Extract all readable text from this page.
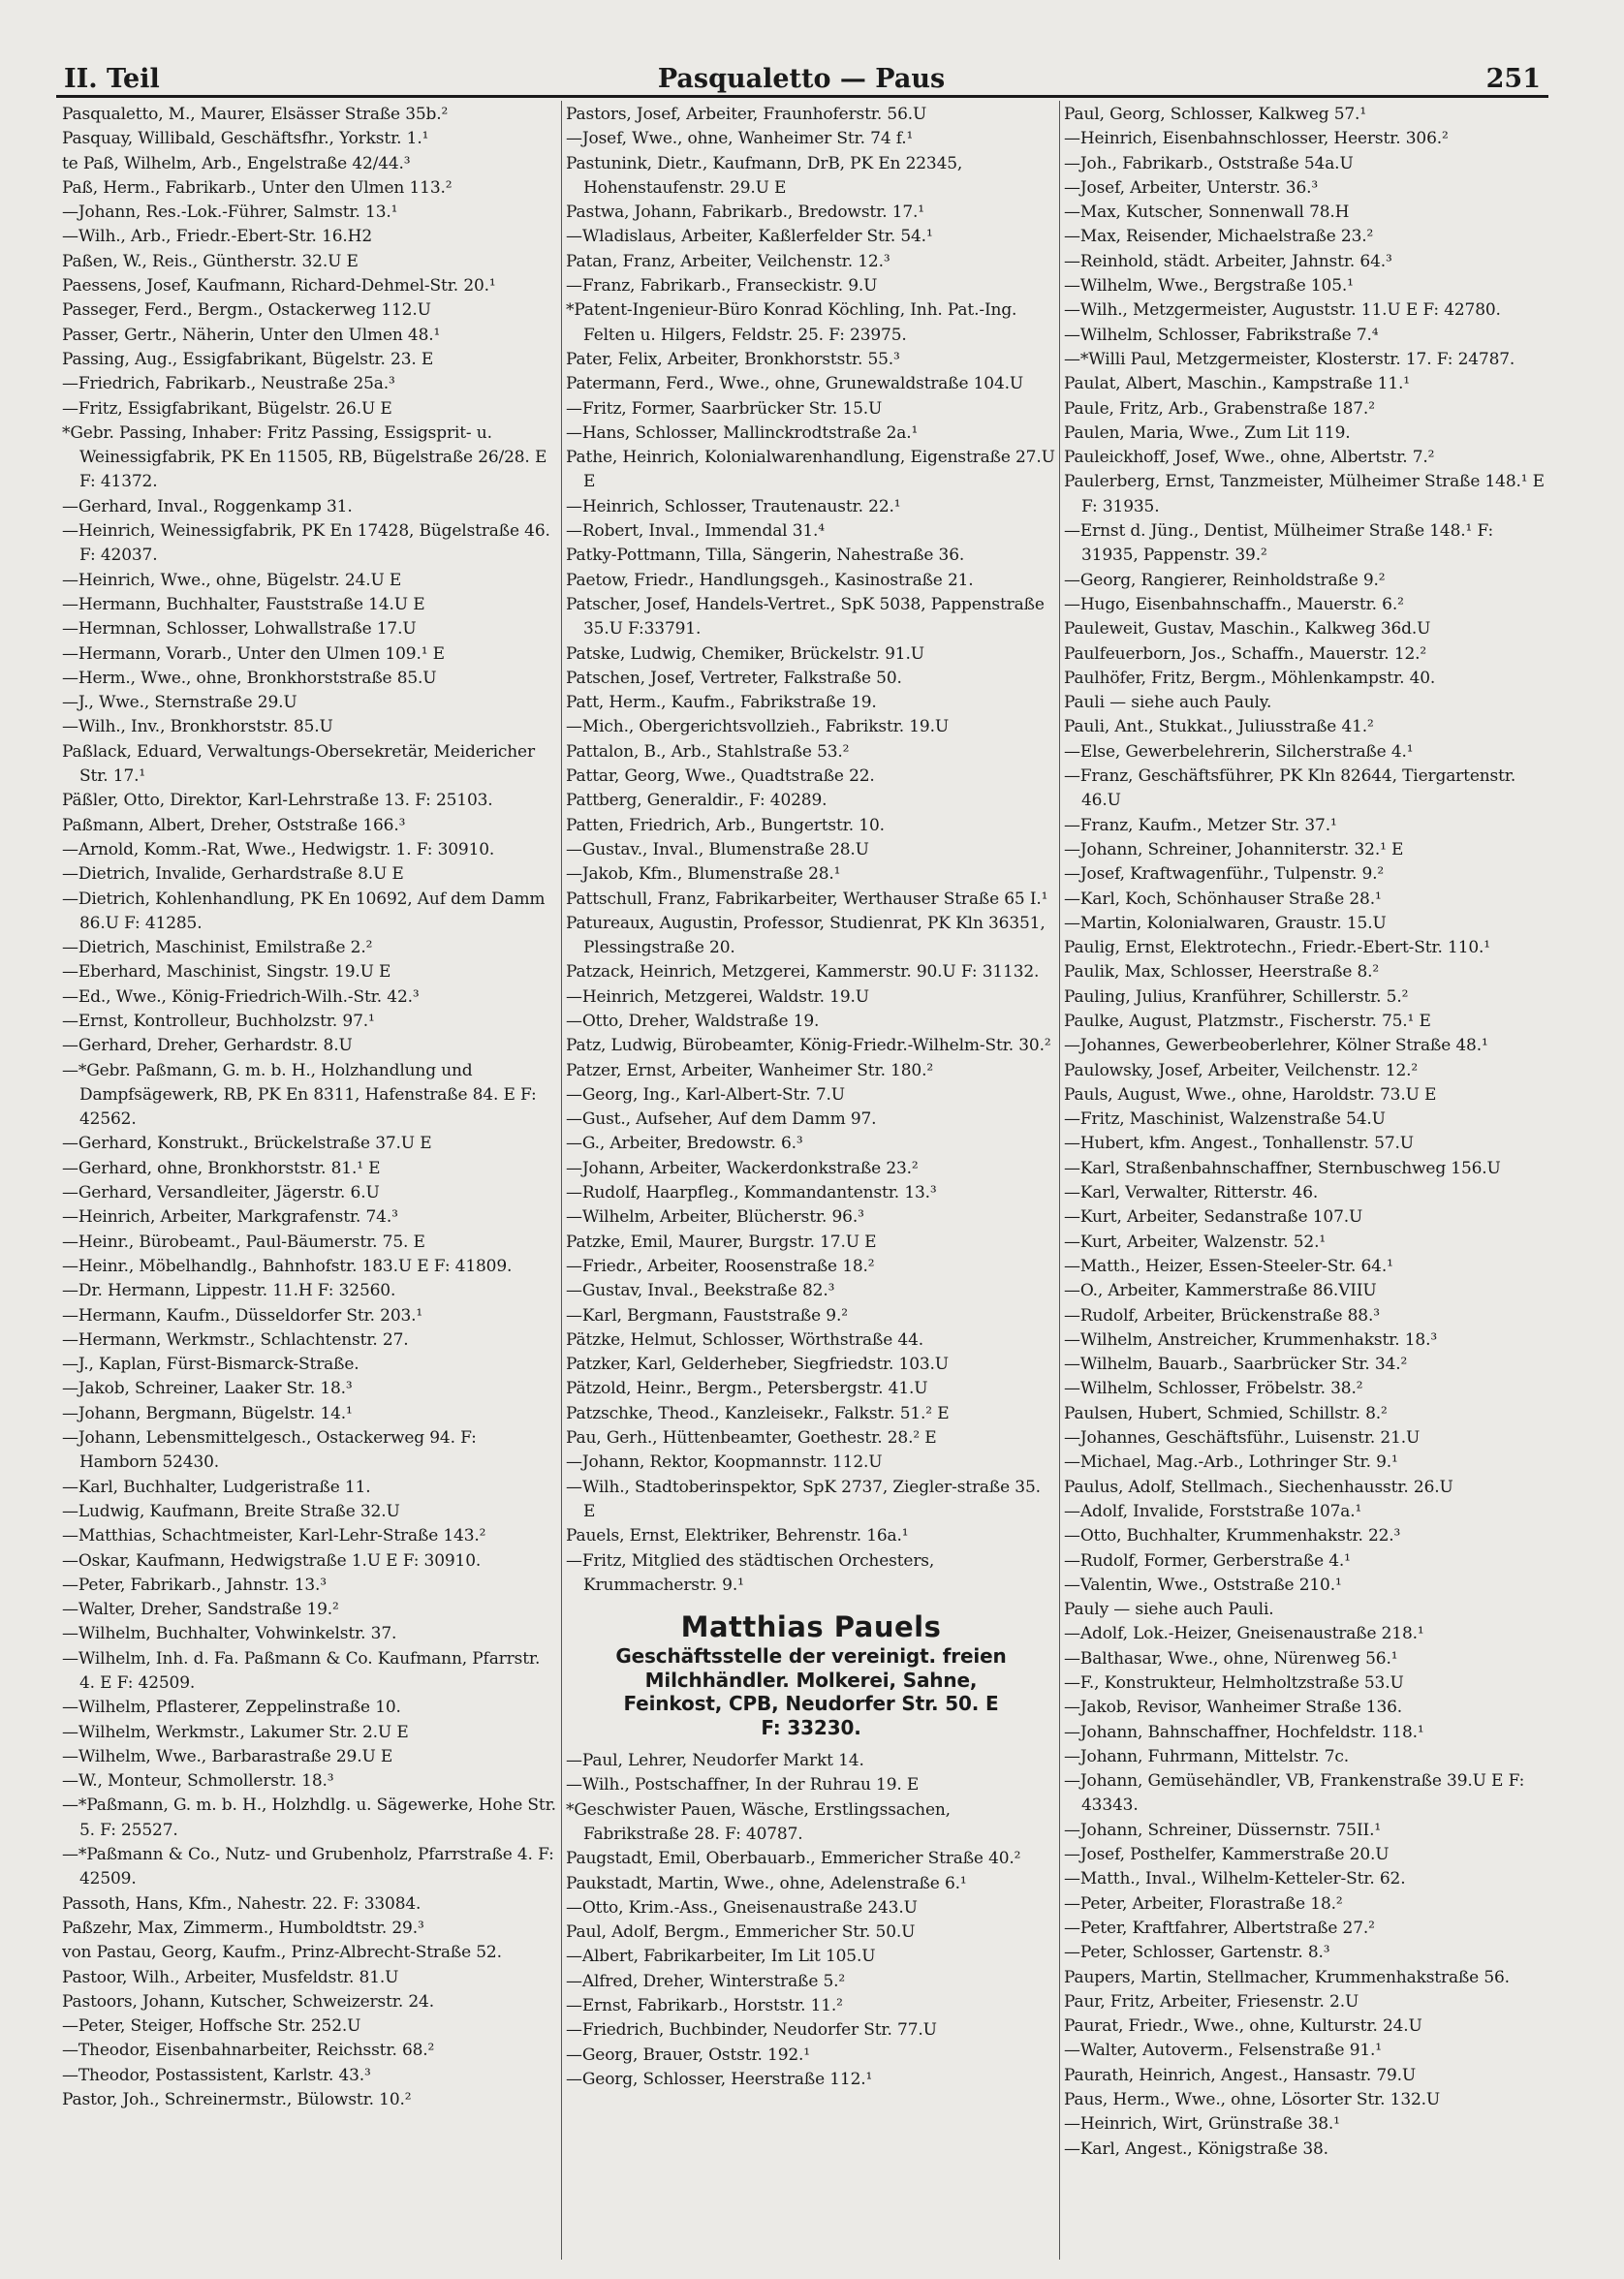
II. Teil	Pasqualetto — Paus	251

Pasqualetto, M., Maurer, Elsässer Straße 35b.²

Pasquay, Willibald, Geschäftsfhr., Yorkstr. 1.¹

te Paß, Wilhelm, Arb., Engelstraße 42/44.³

Paß, Herm., Fabrikarb., Unter den Ulmen 113.²

—Johann, Res.-Lok.-Führer, Salmstr. 13.¹

—Wilh., Arb., Friedr.-Ebert-Str. 16.H2

Paßen, W., Reis., Güntherstr. 32.U E

Paessens, Josef, Kaufmann, Richard-Dehmel-Str. 20.¹

Passeger, Ferd., Bergm., Ostackerweg 112.U

Passer, Gertr., Näherin, Unter den Ulmen 48.¹

Passing, Aug., Essigfabrikant, Bügelstr. 23. E

—Friedrich, Fabrikarb., Neustraße 25a.³

—Fritz, Essigfabrikant, Bügelstr. 26.U E

*Gebr. Passing, Inhaber: Fritz Passing, Essigsprit- u. Weinessigfabrik, PK En 11505, RB, Bügelstraße 26/28. E F: 41372.

—Gerhard, Inval., Roggenkamp 31.

—Heinrich, Weinessigfabrik, PK En 17428, Bügelstraße 46. F: 42037.

—Heinrich, Wwe., ohne, Bügelstr. 24.U E

—Hermann, Buchhalter, Fauststraße 14.U E

—Hermnan, Schlosser, Lohwallstraße 17.U

—Hermann, Vorarb., Unter den Ulmen 109.¹ E

—Herm., Wwe., ohne, Bronkhorststraße 85.U

—J., Wwe., Sternstraße 29.U

—Wilh., Inv., Bronkhorststr. 85.U

Paßlack, Eduard, Verwaltungs-Obersekretär, Meidericher Str. 17.¹

Päßler, Otto, Direktor, Karl-Lehrstraße 13. F: 25103.

Paßmann, Albert, Dreher, Oststraße 166.³

—Arnold, Komm.-Rat, Wwe., Hedwigstr. 1. F: 30910.

—Dietrich, Invalide, Gerhardstraße 8.U E

—Dietrich, Kohlenhandlung, PK En 10692, Auf dem Damm 86.U F: 41285.

—Dietrich, Maschinist, Emilstraße 2.²

—Eberhard, Maschinist, Singstr. 19.U E

—Ed., Wwe., König-Friedrich-Wilh.-Str. 42.³

—Ernst, Kontrolleur, Buchholzstr. 97.¹

—Gerhard, Dreher, Gerhardstr. 8.U

—*Gebr. Paßmann, G. m. b. H., Holzhandlung und Dampfsägewerk, RB, PK En 8311, Hafenstraße 84. E F: 42562.

—Gerhard, Konstrukt., Brückelstraße 37.U E

—Gerhard, ohne, Bronkhorststr. 81.¹ E

—Gerhard, Versandleiter, Jägerstr. 6.U

—Heinrich, Arbeiter, Markgrafenstr. 74.³

—Heinr., Bürobeamt., Paul-Bäumerstr. 75. E

—Heinr., Möbelhandlg., Bahnhofstr. 183.U E F: 41809.

—Dr. Hermann, Lippestr. 11.H F: 32560.

—Hermann, Kaufm., Düsseldorfer Str. 203.¹

—Hermann, Werkmstr., Schlachtenstr. 27.

—J., Kaplan, Fürst-Bismarck-Straße.

—Jakob, Schreiner, Laaker Str. 18.³

—Johann, Bergmann, Bügelstr. 14.¹

—Johann, Lebensmittelgesch., Ostackerweg 94. F: Hamborn 52430.

—Karl, Buchhalter, Ludgeristraße 11.

—Ludwig, Kaufmann, Breite Straße 32.U

—Matthias, Schachtmeister, Karl-Lehr-Straße 143.²

—Oskar, Kaufmann, Hedwigstraße 1.U E F: 30910.

—Peter, Fabrikarb., Jahnstr. 13.³

—Walter, Dreher, Sandstraße 19.²

—Wilhelm, Buchhalter, Vohwinkelstr. 37.

—Wilhelm, Inh. d. Fa. Paßmann & Co. Kaufmann, Pfarrstr. 4. E F: 42509.

—Wilhelm, Pflasterer, Zeppelinstraße 10.

—Wilhelm, Werkmstr., Lakumer Str. 2.U E

—Wilhelm, Wwe., Barbarastraße 29.U E

—W., Monteur, Schmollerstr. 18.³

—*Paßmann, G. m. b. H., Holzhdlg. u. Sägewerke, Hohe Str. 5. F: 25527.

—*Paßmann & Co., Nutz- und Grubenholz, Pfarrstraße 4. F: 42509.

Passoth, Hans, Kfm., Nahestr. 22. F: 33084.

Paßzehr, Max, Zimmerm., Humboldtstr. 29.³

von Pastau, Georg, Kaufm., Prinz-Albrecht-Straße 52.

Pastoor, Wilh., Arbeiter, Musfeldstr. 81.U

Pastoors, Johann, Kutscher, Schweizerstr. 24.

—Peter, Steiger, Hoffsche Str. 252.U

—Theodor, Eisenbahnarbeiter, Reichsstr. 68.²

—Theodor, Postassistent, Karlstr. 43.³

Pastor, Joh., Schreinermstr., Bülowstr. 10.²

Pastors, Josef, Arbeiter, Fraunhoferstr. 56.U

—Josef, Wwe., ohne, Wanheimer Str. 74 f.¹

Pastunink, Dietr., Kaufmann, DrB, PK En 22345, Hohenstaufenstr. 29.U E

Pastwa, Johann, Fabrikarb., Bredowstr. 17.¹

—Wladislaus, Arbeiter, Kaßlerfelder Str. 54.¹

Patan, Franz, Arbeiter, Veilchenstr. 12.³

—Franz, Fabrikarb., Franseckistr. 9.U

*Patent-Ingenieur-Büro Konrad Köchling, Inh. Pat.-Ing. Felten u. Hilgers, Feldstr. 25. F: 23975.

Pater, Felix, Arbeiter, Bronkhorststr. 55.³

Patermann, Ferd., Wwe., ohne, Grunewaldstraße 104.U

—Fritz, Former, Saarbrücker Str. 15.U

—Hans, Schlosser, Mallinckrodtstraße 2a.¹

Pathe, Heinrich, Kolonialwarenhandlung, Eigenstraße 27.U E

—Heinrich, Schlosser, Trautenaustr. 22.¹

—Robert, Inval., Immendal 31.⁴

Patky-Pottmann, Tilla, Sängerin, Nahestraße 36.

Paetow, Friedr., Handlungsgeh., Kasinostraße 21.

Patscher, Josef, Handels-Vertret., SpK 5038, Pappenstraße 35.U F:33791.

Patske, Ludwig, Chemiker, Brückelstr. 91.U

Patschen, Josef, Vertreter, Falkstraße 50.

Patt, Herm., Kaufm., Fabrikstraße 19.

—Mich., Obergerichtsvollzieh., Fabrikstr. 19.U

Pattalon, B., Arb., Stahlstraße 53.²

Pattar, Georg, Wwe., Quadtstraße 22.

Pattberg, Generaldir., F: 40289.

Patten, Friedrich, Arb., Bungertstr. 10.

—Gustav., Inval., Blumenstraße 28.U

—Jakob, Kfm., Blumenstraße 28.¹

Pattschull, Franz, Fabrikarbeiter, Werthauser Straße 65 I.¹

Patureaux, Augustin, Professor, Studienrat, PK Kln 36351, Plessingstraße 20.

Patzack, Heinrich, Metzgerei, Kammerstr. 90.U F: 31132.

—Heinrich, Metzgerei, Waldstr. 19.U

—Otto, Dreher, Waldstraße 19.

Patz, Ludwig, Bürobeamter, König-Friedr.-Wilhelm-Str. 30.²

Patzer, Ernst, Arbeiter, Wanheimer Str. 180.²

—Georg, Ing., Karl-Albert-Str. 7.U

—Gust., Aufseher, Auf dem Damm 97.

—G., Arbeiter, Bredowstr. 6.³

—Johann, Arbeiter, Wackerdonkstraße 23.²

—Rudolf, Haarpfleg., Kommandantenstr. 13.³

—Wilhelm, Arbeiter, Blücherstr. 96.³

Patzke, Emil, Maurer, Burgstr. 17.U E

—Friedr., Arbeiter, Roosenstraße 18.²

—Gustav, Inval., Beekstraße 82.³

—Karl, Bergmann, Fauststraße 9.²

Pätzke, Helmut, Schlosser, Wörthstraße 44.

Patzker, Karl, Gelderheber, Siegfriedstr. 103.U

Pätzold, Heinr., Bergm., Petersbergstr. 41.U

Patzschke, Theod., Kanzleisekr., Falkstr. 51.² E

Pau, Gerh., Hüttenbeamter, Goethestr. 28.² E

—Johann, Rektor, Koopmannstr. 112.U

—Wilh., Stadtoberinspektor, SpK 2737, Ziegler-straße 35. E

Pauels, Ernst, Elektriker, Behrenstr. 16a.¹

—Fritz, Mitglied des städtischen Orchesters, Krummacherstr. 9.¹

Matthias Pauels
Geschäftsstelle der vereinigt. freien
Milchhändler. Molkerei, Sahne,
Feinkost, CPB, Neudorfer Str. 50. E
F: 33230.

—Paul, Lehrer, Neudorfer Markt 14.

—Wilh., Postschaffner, In der Ruhrau 19. E

*Geschwister Pauen, Wäsche, Erstlingssachen, Fabrikstraße 28. F: 40787.

Paugstadt, Emil, Oberbauarb., Emmericher Straße 40.²

Paukstadt, Martin, Wwe., ohne, Adelenstraße 6.¹

—Otto, Krim.-Ass., Gneisenaustraße 243.U

Paul, Adolf, Bergm., Emmericher Str. 50.U

—Albert, Fabrikarbeiter, Im Lit 105.U

—Alfred, Dreher, Winterstraße 5.²

—Ernst, Fabrikarb., Horststr. 11.²

—Friedrich, Buchbinder, Neudorfer Str. 77.U

—Georg, Brauer, Oststr. 192.¹

—Georg, Schlosser, Heerstraße 112.¹

Paul, Georg, Schlosser, Kalkweg 57.¹

—Heinrich, Eisenbahnschlosser, Heerstr. 306.²

—Joh., Fabrikarb., Oststraße 54a.U

—Josef, Arbeiter, Unterstr. 36.³

—Max, Kutscher, Sonnenwall 78.H

—Max, Reisender, Michaelstraße 23.²

—Reinhold, städt. Arbeiter, Jahnstr. 64.³

—Wilhelm, Wwe., Bergstraße 105.¹

—Wilh., Metzgermeister, Auguststr. 11.U E F: 42780.

—Wilhelm, Schlosser, Fabrikstraße 7.⁴

—*Willi Paul, Metzgermeister, Klosterstr. 17. F: 24787.

Paulat, Albert, Maschin., Kampstraße 11.¹

Paule, Fritz, Arb., Grabenstraße 187.²

Paulen, Maria, Wwe., Zum Lit 119.

Pauleickhoff, Josef, Wwe., ohne, Albertstr. 7.²

Paulerberg, Ernst, Tanzmeister, Mülheimer Straße 148.¹ E F: 31935.

—Ernst d. Jüng., Dentist, Mülheimer Straße 148.¹ F: 31935, Pappenstr. 39.²

—Georg, Rangierer, Reinholdstraße 9.²

—Hugo, Eisenbahnschaffn., Mauerstr. 6.²

Pauleweit, Gustav, Maschin., Kalkweg 36d.U

Paulfeuerborn, Jos., Schaffn., Mauerstr. 12.²

Paulhöfer, Fritz, Bergm., Möhlenkampstr. 40.

Pauli — siehe auch Pauly.

Pauli, Ant., Stukkat., Juliusstraße 41.²

—Else, Gewerbelehrerin, Silcherstraße 4.¹

—Franz, Geschäftsführer, PK Kln 82644, Tiergartenstr. 46.U

—Franz, Kaufm., Metzer Str. 37.¹

—Johann, Schreiner, Johanniterstr. 32.¹ E

—Josef, Kraftwagenführ., Tulpenstr. 9.²

—Karl, Koch, Schönhauser Straße 28.¹

—Martin, Kolonialwaren, Graustr. 15.U

Paulig, Ernst, Elektrotechn., Friedr.-Ebert-Str. 110.¹

Paulik, Max, Schlosser, Heerstraße 8.²

Pauling, Julius, Kranführer, Schillerstr. 5.²

Paulke, August, Platzmstr., Fischerstr. 75.¹ E

—Johannes, Gewerbeoberlehrer, Kölner Straße 48.¹

Paulowsky, Josef, Arbeiter, Veilchenstr. 12.²

Pauls, August, Wwe., ohne, Haroldstr. 73.U E

—Fritz, Maschinist, Walzenstraße 54.U

—Hubert, kfm. Angest., Tonhallenstr. 57.U

—Karl, Straßenbahnschaffner, Sternbuschweg 156.U

—Karl, Verwalter, Ritterstr. 46.

—Kurt, Arbeiter, Sedanstraße 107.U

—Kurt, Arbeiter, Walzenstr. 52.¹

—Matth., Heizer, Essen-Steeler-Str. 64.¹

—O., Arbeiter, Kammerstraße 86.VIIU

—Rudolf, Arbeiter, Brückenstraße 88.³

—Wilhelm, Anstreicher, Krummenhakstr. 18.³

—Wilhelm, Bauarb., Saarbrücker Str. 34.²

—Wilhelm, Schlosser, Fröbelstr. 38.²

Paulsen, Hubert, Schmied, Schillstr. 8.²

—Johannes, Geschäftsführ., Luisenstr. 21.U

—Michael, Mag.-Arb., Lothringer Str. 9.¹

Paulus, Adolf, Stellmach., Siechenhausstr. 26.U

—Adolf, Invalide, Forststraße 107a.¹

—Otto, Buchhalter, Krummenhakstr. 22.³

—Rudolf, Former, Gerberstraße 4.¹

—Valentin, Wwe., Oststraße 210.¹

Pauly — siehe auch Pauli.

—Adolf, Lok.-Heizer, Gneisenaustraße 218.¹

—Balthasar, Wwe., ohne, Nürenweg 56.¹

—F., Konstrukteur, Helmholtzstraße 53.U

—Jakob, Revisor, Wanheimer Straße 136.

—Johann, Bahnschaffner, Hochfeldstr. 118.¹

—Johann, Fuhrmann, Mittelstr. 7c.

—Johann, Gemüsehändler, VB, Frankenstraße 39.U E F: 43343.

—Johann, Schreiner, Düssernstr. 75II.¹

—Josef, Posthelfer, Kammerstraße 20.U

—Matth., Inval., Wilhelm-Ketteler-Str. 62.

—Peter, Arbeiter, Florastraße 18.²

—Peter, Kraftfahrer, Albertstraße 27.²

—Peter, Schlosser, Gartenstr. 8.³

Paupers, Martin, Stellmacher, Krummenhakstraße 56.

Paur, Fritz, Arbeiter, Friesenstr. 2.U

Paurat, Friedr., Wwe., ohne, Kulturstr. 24.U

—Walter, Autoverm., Felsenstraße 91.¹

Paurath, Heinrich, Angest., Hansastr. 79.U

Paus, Herm., Wwe., ohne, Lösorter Str. 132.U

—Heinrich, Wirt, Grünstraße 38.¹

—Karl, Angest., Königstraße 38.
